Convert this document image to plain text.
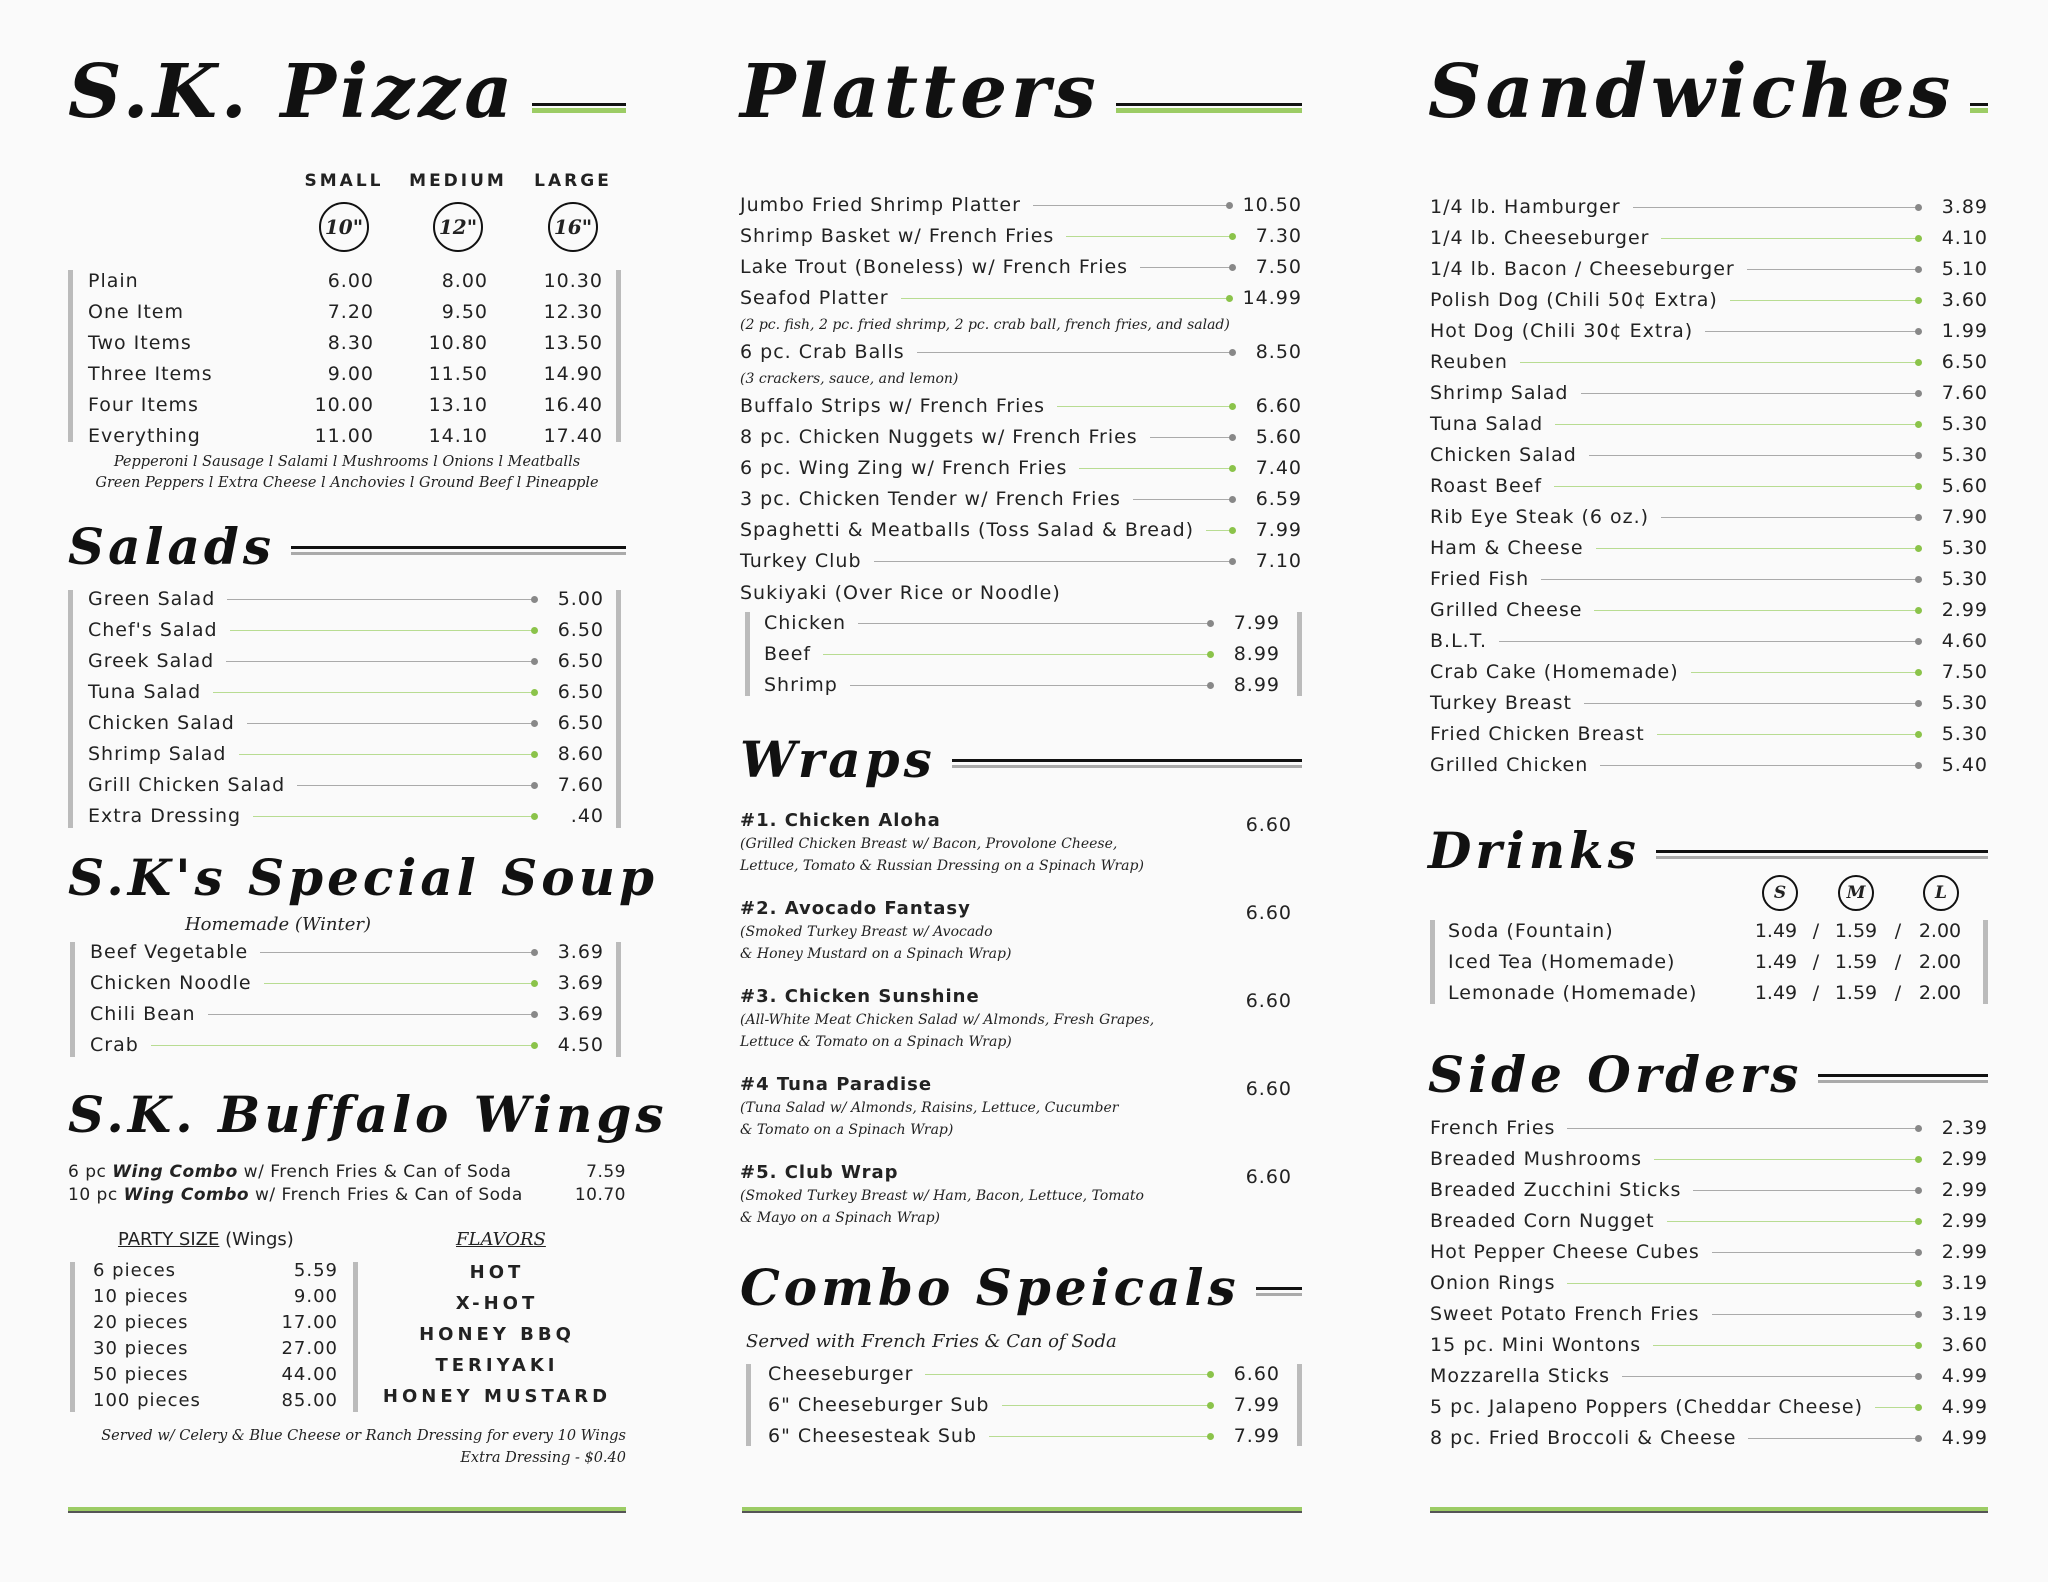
S.K. Pizza
SMALL	MEDIUM	LARGE
10"	12"	16"
Plain	6.00	8.00	10.30
One Item	7.20	9.50	12.30
Two Items	8.30	10.80	13.50
Three Items	9.00	11.50	14.90
Four Items	10.00	13.10	16.40
Everything	11.00	14.10	17.40
Pepperoni l Sausage l Salami l Mushrooms l Onions l Meatballs
Green Peppers l Extra Cheese l Anchovies l Ground Beef l Pineapple
Salads
Green Salad	5.00
Chef's Salad	6.50
Greek Salad	6.50
Tuna Salad	6.50
Chicken Salad	6.50
Shrimp Salad	8.60
Grill Chicken Salad	7.60
Extra Dressing	.40
S.K's Special Soup
Homemade (Winter)
Beef Vegetable	3.69
Chicken Noodle	3.69
Chili Bean	3.69
Crab	4.50
S.K. Buffalo Wings
6 pc Wing Combo w/ French Fries & Can of Soda	7.59
10 pc Wing Combo w/ French Fries & Can of Soda	10.70
PARTY SIZE (Wings)	FLAVORS
6 pieces	5.59
10 pieces	9.00
20 pieces	17.00
30 pieces	27.00
50 pieces	44.00
100 pieces	85.00
HOT
X-HOT
HONEY BBQ
TERIYAKI
HONEY MUSTARD
Served w/ Celery & Blue Cheese or Ranch Dressing for every 10 Wings
Extra Dressing - $0.40
Platters
Jumbo Fried Shrimp Platter	10.50
Shrimp Basket w/ French Fries	7.30
Lake Trout (Boneless) w/ French Fries	7.50
Seafod Platter	14.99
(2 pc. fish, 2 pc. fried shrimp, 2 pc. crab ball, french fries, and salad)
6 pc. Crab Balls	8.50
(3 crackers, sauce, and lemon)
Buffalo Strips w/ French Fries	6.60
8 pc. Chicken Nuggets w/ French Fries	5.60
6 pc. Wing Zing w/ French Fries	7.40
3 pc. Chicken Tender w/ French Fries	6.59
Spaghetti & Meatballs (Toss Salad & Bread)	7.99
Turkey Club	7.10
Sukiyaki (Over Rice or Noodle)
Chicken	7.99
Beef	8.99
Shrimp	8.99
Wraps
#1. Chicken Aloha	6.60
(Grilled Chicken Breast w/ Bacon, Provolone Cheese,
Lettuce, Tomato & Russian Dressing on a Spinach Wrap)
#2. Avocado Fantasy	6.60
(Smoked Turkey Breast w/ Avocado
& Honey Mustard on a Spinach Wrap)
#3. Chicken Sunshine	6.60
(All-White Meat Chicken Salad w/ Almonds, Fresh Grapes,
Lettuce & Tomato on a Spinach Wrap)
#4 Tuna Paradise	6.60
(Tuna Salad w/ Almonds, Raisins, Lettuce, Cucumber
& Tomato on a Spinach Wrap)
#5. Club Wrap	6.60
(Smoked Turkey Breast w/ Ham, Bacon, Lettuce, Tomato
& Mayo on a Spinach Wrap)
Combo Speicals
Served with French Fries & Can of Soda
Cheeseburger	6.60
6" Cheeseburger Sub	7.99
6" Cheesesteak Sub	7.99
Sandwiches
1/4 lb. Hamburger	3.89
1/4 lb. Cheeseburger	4.10
1/4 lb. Bacon / Cheeseburger	5.10
Polish Dog (Chili 50¢ Extra)	3.60
Hot Dog (Chili 30¢ Extra)	1.99
Reuben	6.50
Shrimp Salad	7.60
Tuna Salad	5.30
Chicken Salad	5.30
Roast Beef	5.60
Rib Eye Steak (6 oz.)	7.90
Ham & Cheese	5.30
Fried Fish	5.30
Grilled Cheese	2.99
B.L.T.	4.60
Crab Cake (Homemade)	7.50
Turkey Breast	5.30
Fried Chicken Breast	5.30
Grilled Chicken	5.40
Drinks
S	M	L
Soda (Fountain)	1.49 / 1.59 / 2.00
Iced Tea (Homemade)	1.49 / 1.59 / 2.00
Lemonade (Homemade)	1.49 / 1.59 / 2.00
Side Orders
French Fries	2.39
Breaded Mushrooms	2.99
Breaded Zucchini Sticks	2.99
Breaded Corn Nugget	2.99
Hot Pepper Cheese Cubes	2.99
Onion Rings	3.19
Sweet Potato French Fries	3.19
15 pc. Mini Wontons	3.60
Mozzarella Sticks	4.99
5 pc. Jalapeno Poppers (Cheddar Cheese)	4.99
8 pc. Fried Broccoli & Cheese	4.99
